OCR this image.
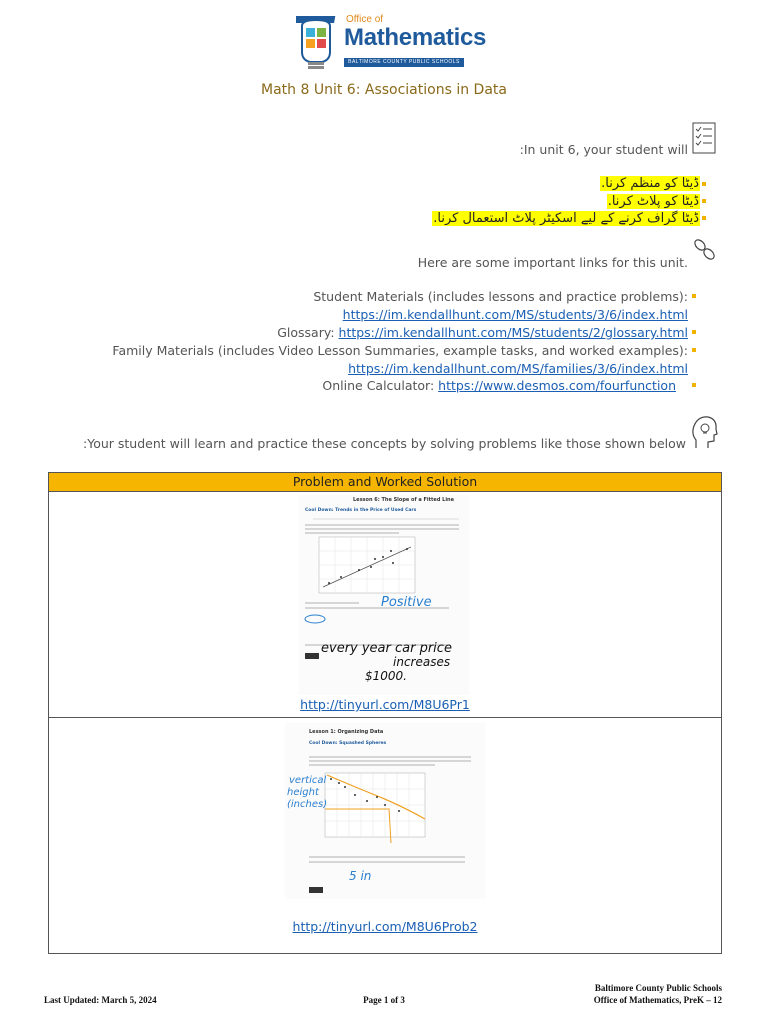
Office of
Mathematics
BALTIMORE COUNTY PUBLIC SCHOOLS
Math 8 Unit 6: Associations in Data
:In unit 6, your student will
ڈیٹا کو منظم کرنا.
ڈیٹا کو پلاٹ کرنا.
ڈیٹا گراف کرنے کے لیے اسکیٹر پلاٹ استعمال کرنا.
Here are some important links for this unit.
Student Materials (includes lessons and practice problems):
https://im.kendallhunt.com/MS/students/3/6/index.html
Glossary: https://im.kendallhunt.com/MS/students/2/glossary.html
Family Materials (includes Video Lesson Summaries, example tasks, and worked examples):
https://im.kendallhunt.com/MS/families/3/6/index.html
Online Calculator: https://www.desmos.com/fourfunction
:Your student will learn and practice these concepts by solving problems like those shown below
Problem and Worked Solution
Lesson 6: The Slope of a Fitted Line
Cool Down: Trends in the Price of Used Cars
Positive
every year car price
increases
$1000.
http://tinyurl.com/M8U6Pr1
Lesson 1: Organizing Data
Cool Down: Squashed Spheres
vertical
height
(inches)
5 in
http://tinyurl.com/M8U6Prob2
Last Updated: March 5, 2024	Page 1 of 3
Baltimore County Public Schools
Office of Mathematics, PreK – 12
